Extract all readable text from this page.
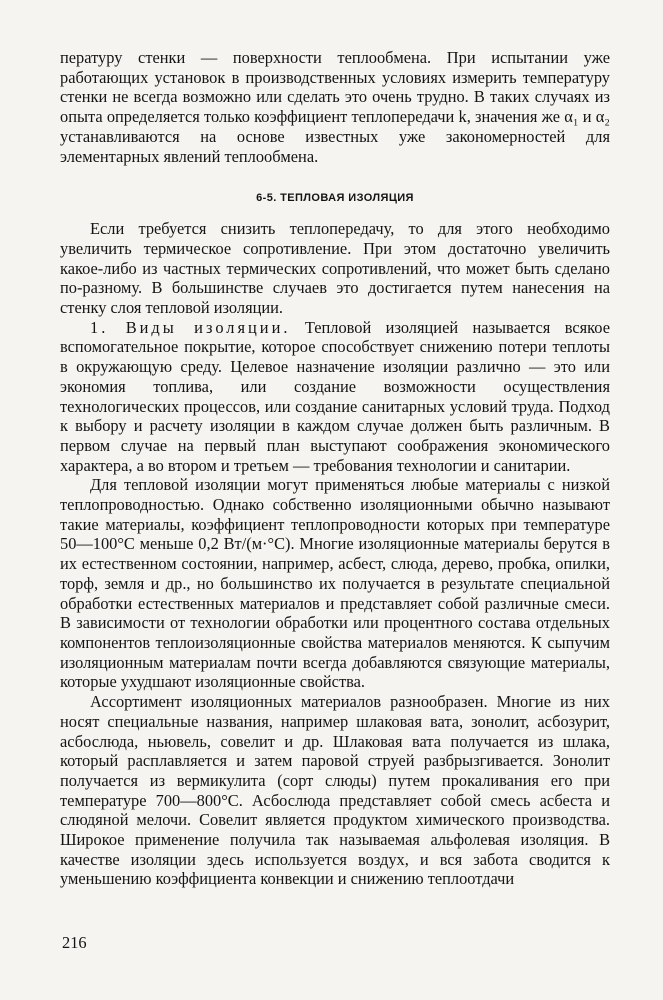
пературу стенки — поверхности теплообмена. При испытании уже работающих установок в производственных условиях измерить температуру стенки не всегда возможно или сделать это очень трудно. В таких случаях из опыта определяется только коэффициент теплопередачи k, значения же α₁ и α₂ устанавливаются на основе известных уже закономерностей для элементарных явлений теплообмена.

6-5. ТЕПЛОВАЯ ИЗОЛЯЦИЯ

Если требуется снизить теплопередачу, то для этого необходимо увеличить термическое сопротивление. При этом достаточно увеличить какое-либо из частных термических сопротивлений, что может быть сделано по-разному. В большинстве случаев это достигается путем нанесения на стенку слоя тепловой изоляции.

1. Виды изоляции. Тепловой изоляцией называется всякое вспомогательное покрытие, которое способствует снижению потери теплоты в окружающую среду. Целевое назначение изоляции различно — это или экономия топлива, или создание возможности осуществления технологических процессов, или создание санитарных условий труда. Подход к выбору и расчету изоляции в каждом случае должен быть различным. В первом случае на первый план выступают соображения экономического характера, а во втором и третьем — требования технологии и санитарии.

Для тепловой изоляции могут применяться любые материалы с низкой теплопроводностью. Однако собственно изоляционными обычно называют такие материалы, коэффициент теплопроводности которых при температуре 50—100°С меньше 0,2 Вт/(м·°С). Многие изоляционные материалы берутся в их естественном состоянии, например, асбест, слюда, дерево, пробка, опилки, торф, земля и др., но большинство их получается в результате специальной обработки естественных материалов и представляет собой различные смеси. В зависимости от технологии обработки или процентного состава отдельных компонентов теплоизоляционные свойства материалов меняются. К сыпучим изоляционным материалам почти всегда добавляются связующие материалы, которые ухудшают изоляционные свойства.

Ассортимент изоляционных материалов разнообразен. Многие из них носят специальные названия, например шлаковая вата, зонолит, асбозурит, асбослюда, ньювель, совелит и др. Шлаковая вата получается из шлака, который расплавляется и затем паровой струей разбрызгивается. Зонолит получается из вермикулита (сорт слюды) путем прокаливания его при температуре 700—800°С. Асбослюда представляет собой смесь асбеста и слюдяной мелочи. Совелит является продуктом химического производства. Широкое применение получила так называемая альфолевая изоляция. В качестве изоляции здесь используется воздух, и вся забота сводится к уменьшению коэффициента конвекции и снижению теплоотдачи

216
